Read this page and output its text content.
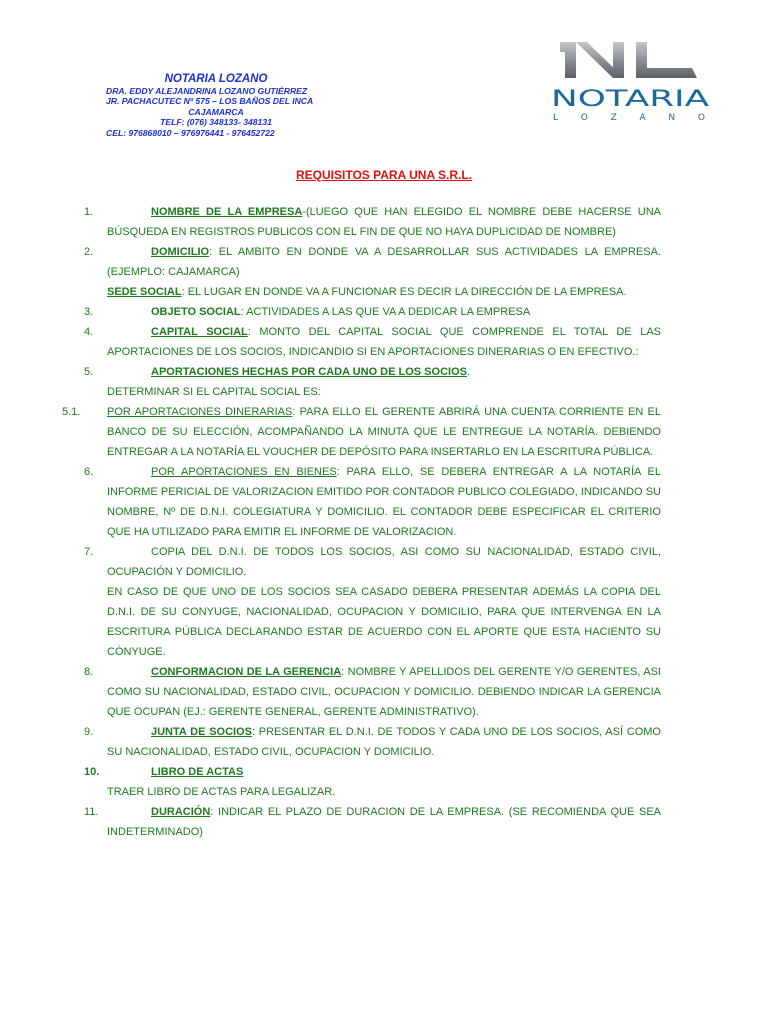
NOTARIA LOZANO
DRA. EDDY ALEJANDRINA LOZANO GUTIÉRREZ
JR. PACHACUTEC Nº 575 – LOS BAÑOS DEL INCA
CAJAMARCA
TELF: (076) 348133- 348131
CEL: 976868010 – 976976441 - 976452722
NOTARIA
L O Z A N O
REQUISITOS PARA UNA S.R.L.
1.	NOMBRE DE LA EMPRESA-(LUEGO QUE HAN ELEGIDO EL NOMBRE DEBE HACERSE UNA BÚSQUEDA EN REGISTROS PUBLICOS CON EL FIN DE QUE NO HAYA DUPLICIDAD DE NOMBRE)
2.	DOMICILIO: EL AMBITO EN DONDE VA A DESARROLLAR SUS ACTIVIDADES LA EMPRESA. (EJEMPLO: CAJAMARCA)
SEDE SOCIAL: EL LUGAR EN DONDE VA A FUNCIONAR ES DECIR LA DIRECCIÓN DE LA EMPRESA.
3.	OBJETO SOCIAL: ACTIVIDADES A LAS QUE VA A DEDICAR LA EMPRESA
4.	CAPITAL SOCIAL: MONTO DEL CAPITAL SOCIAL QUE COMPRENDE EL TOTAL DE LAS APORTACIONES DE LOS SOCIOS, INDICANDIO SI EN APORTACIONES DINERARIAS O EN EFECTIVO.:
5.	APORTACIONES HECHAS POR CADA UNO DE LOS SOCIOS.
DETERMINAR SI EL CAPITAL SOCIAL ES:
5.1.	POR APORTACIONES DINERARIAS: PARA ELLO EL GERENTE ABRIRÁ UNA CUENTA CORRIENTE EN EL BANCO DE SU ELECCIÓN, ACOMPAÑANDO LA MINUTA QUE LE ENTREGUE LA NOTARÍA. DEBIENDO ENTREGAR A LA NOTARÍA EL VOUCHER DE DEPÓSITO PARA INSERTARLO EN LA ESCRITURA PÚBLICA.
6.	POR APORTACIONES EN BIENES: PARA ELLO, SE DEBERA ENTREGAR A LA NOTARÍA EL INFORME PERICIAL DE VALORIZACION EMITIDO POR CONTADOR PUBLICO COLEGIADO, INDICANDO SU NOMBRE, Nº DE D.N.I. COLEGIATURA Y DOMICILIO. EL CONTADOR DEBE ESPECIFICAR EL CRITERIO QUE HA UTILIZADO PARA EMITIR EL INFORME DE VALORIZACION.
7.	COPIA DEL D.N.I. DE TODOS LOS SOCIOS, ASI COMO SU NACIONALIDAD, ESTADO CIVIL, OCUPACIÓN Y DOMICILIO.
EN CASO DE QUE UNO DE LOS SOCIOS SEA CASADO DEBERA PRESENTAR ADEMÁS LA COPIA DEL D.N.I. DE SU CONYUGE, NACIONALIDAD, OCUPACION Y DOMICILIO, PARA QUE INTERVENGA EN LA ESCRITURA PÚBLICA DECLARANDO ESTAR DE ACUERDO CON EL APORTE QUE ESTA HACIENTO SU CÓNYUGE.
8.	CONFORMACION DE LA GERENCIA: NOMBRE Y APELLIDOS DEL GERENTE Y/O GERENTES, ASI COMO SU NACIONALIDAD, ESTADO CIVIL, OCUPACION Y DOMICILIO. DEBIENDO INDICAR LA GERENCIA QUE OCUPAN (EJ.: GERENTE GENERAL, GERENTE ADMINISTRATIVO).
9.	JUNTA DE SOCIOS: PRESENTAR EL D.N.I. DE TODOS Y CADA UNO DE LOS SOCIOS, ASÍ COMO SU NACIONALIDAD, ESTADO CIVIL, OCUPACION Y DOMICILIO.
10.	LIBRO DE ACTAS
TRAER LIBRO DE ACTAS PARA LEGALIZAR.
11.	DURACIÓN: INDICAR EL PLAZO DE DURACION DE LA EMPRESA. (SE RECOMIENDA QUE SEA INDETERMINADO)
